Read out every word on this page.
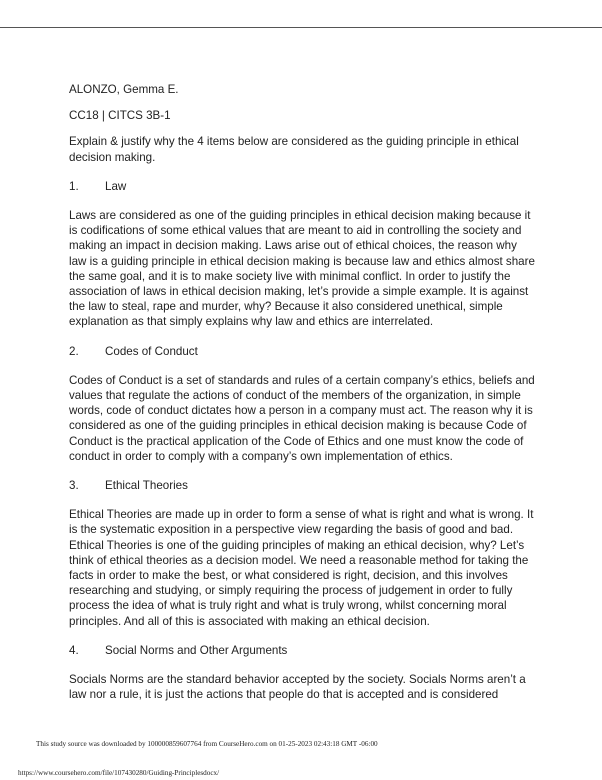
ALONZO, Gemma E.

CC18 | CITCS 3B-1

Explain & justify why the 4 items below are considered as the guiding principle in ethical decision making.

1.	Law

Laws are considered as one of the guiding principles in ethical decision making because it is codifications of some ethical values that are meant to aid in controlling the society and making an impact in decision making. Laws arise out of ethical choices, the reason why law is a guiding principle in ethical decision making is because law and ethics almost share the same goal, and it is to make society live with minimal conflict. In order to justify the association of laws in ethical decision making, let’s provide a simple example. It is against the law to steal, rape and murder, why? Because it also considered unethical, simple explanation as that simply explains why law and ethics are interrelated.

2.	Codes of Conduct

Codes of Conduct is a set of standards and rules of a certain company’s ethics, beliefs and values that regulate the actions of conduct of the members of the organization, in simple words, code of conduct dictates how a person in a company must act. The reason why it is considered as one of the guiding principles in ethical decision making is because Code of Conduct is the practical application of the Code of Ethics and one must know the code of conduct in order to comply with a company’s own implementation of ethics.

3.	Ethical Theories

Ethical Theories are made up in order to form a sense of what is right and what is wrong. It is the systematic exposition in a perspective view regarding the basis of good and bad. Ethical Theories is one of the guiding principles of making an ethical decision, why? Let’s think of ethical theories as a decision model. We need a reasonable method for taking the facts in order to make the best, or what considered is right, decision, and this involves researching and studying, or simply requiring the process of judgement in order to fully process the idea of what is truly right and what is truly wrong, whilst concerning moral principles. And all of this is associated with making an ethical decision.

4.	Social Norms and Other Arguments

Socials Norms are the standard behavior accepted by the society. Socials Norms aren’t a law nor a rule, it is just the actions that people do that is accepted and is considered

This study source was downloaded by 100000859607764 from CourseHero.com on 01-25-2023 02:43:18 GMT -06:00
https://www.coursehero.com/file/107430280/Guiding-Principlesdocx/
